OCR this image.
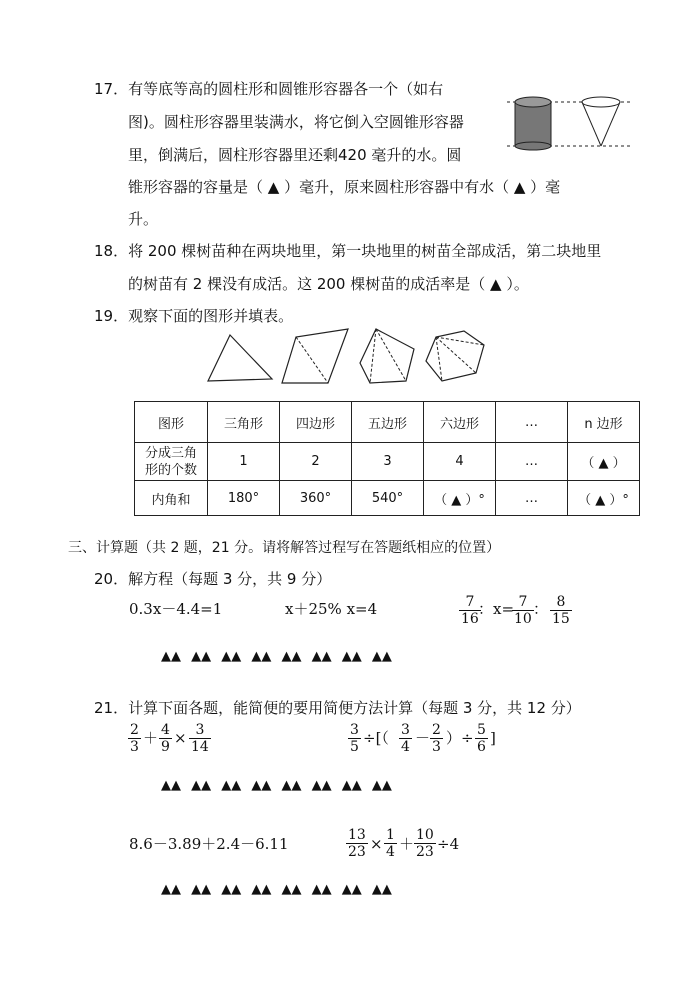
17．有等底等高的圆柱形和圆锥形容器各一个（如右
图)。圆柱形容器里装满水，将它倒入空圆锥形容器
里，倒满后，圆柱形容器里还剩420 毫升的水。圆
锥形容器的容量是（ ▲ ）毫升，原来圆柱形容器中有水（ ▲ ）毫
升。
18．将 200 棵树苗种在两块地里，第一块地里的树苗全部成活，第二块地里
的树苗有 2 棵没有成活。这 200 棵树苗的成活率是（ ▲ ）。
19．观察下面的图形并填表。
图形	三角形	四边形	五边形	六边形	…	n 边形

分成三角
形的个数	1	2	3	4	…	（ ▲ ）
内角和	180°	360°	540°	（ ▲ ）°	…	（ ▲ ）°
三、计算题（共 2 题，21 分。请将解答过程写在答题纸相应的位置）
20．解方程（每题 3 分，共 9 分）
0.3x－4.4=1	x＋25% x=4	$\frac{7}{16}$
：x=
$\frac{7}{10}$ ： $\frac{8}{15}$
▲▲ ▲▲ ▲▲ ▲▲ ▲▲ ▲▲ ▲▲ ▲▲
21．计算下面各题，能简便的要用简便方法计算（每题 3 分，共 12 分）
$\frac{2}{3} + \frac{4}{9} \times \frac{3}{14}$	$\frac{3}{5}$ ÷[（ $\frac{3}{4} - \frac{2}{3}$ ）÷ $\frac{5}{6}$ ]
▲▲ ▲▲ ▲▲ ▲▲ ▲▲ ▲▲ ▲▲ ▲▲
8.6－3.89＋2.4－6.11	$\frac{13}{23} \times \frac{1}{4} + \frac{10}{23} \div 4$
▲▲ ▲▲ ▲▲ ▲▲ ▲▲ ▲▲ ▲▲ ▲▲
